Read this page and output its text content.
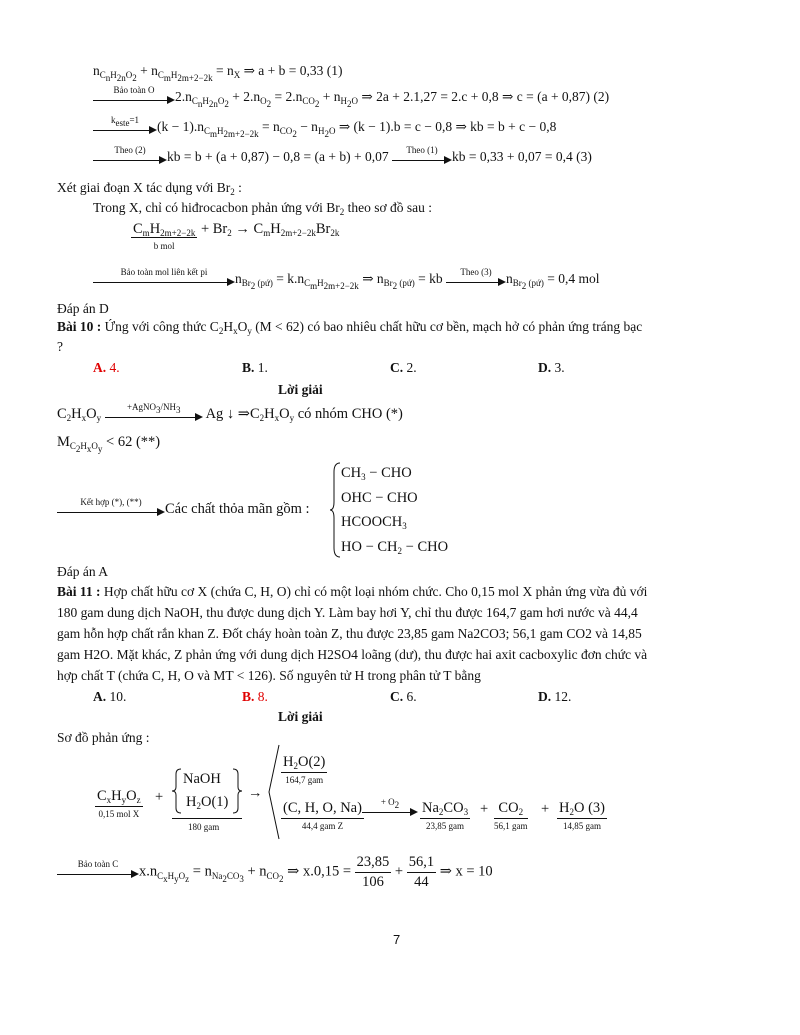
$n_{C_nH_{2n}O_2} + n_{C_mH_{2m+2-2k}} = n_X$ ⇒ a + b = 0,33 (1)
Bảo toàn O	$2.n_{C_nH_{2n}O_2} + 2.n_{O_2} = 2.n_{CO_2} + n_{H_2O}$ ⇒ 2a + 2.1,27 = 2.c + 0,8 ⇒ c = (a + 0,87) (2)
$k_{este}=1$	$(k - 1).n_{C_mH_{2m+2-2k}} = n_{CO_2} - n_{H_2O}$ ⇒ (k − 1).b = c − 0,8 ⇒ kb = b + c − 0,8
Theo (2)	kb = b + (a + 0,87) − 0,8 = (a + b) + 0,07	Theo (1)	kb = 0,33 + 0,07 = 0,4 (3)
Xét giai đoạn X tác dụng với $Br_2$ :
Trong X, chỉ có hiđrocacbon phản ứng với $Br_2$ theo sơ đồ sau :
$C_mH_{2m+2-2k}$
b mol
+ $Br_2 \to C_mH_{2m+2-2k}Br_{2k}$
Bảo toàn mol liên kết pi	$n_{Br_2 (pứ)} = k.n_{C_mH_{2m+2-2k}}$ ⇒ $n_{Br_2 (pứ)}$ = kb	Theo (3)	$n_{Br_2 (pứ)} = 0,4$ mol
Đáp án D
Bài 10 : Ứng với công thức $C_2H_xO_y$ (M < 62) có bao nhiêu chất hữu cơ bền, mạch hở có phản ứng tráng bạc
?
A. 4.	B. 1.	C. 2.	D. 3.
Lời giải
$C_2H_xO_y$
$+AgNO_3/NH_3$	Ag ↓ $\Rightarrow C_2H_xO_y$ có nhóm CHO (*)
$M_{C_2H_xO_y} < 62$ (**)
Kết hợp (*), (**)	Các chất thỏa mãn gồm :
$CH_3$ − CHO
OHC − CHO
$HCOOCH_3$
HO − $CH_2$ − CHO
Đáp án A
Bài 11 : Hợp chất hữu cơ X (chứa C, H, O) chỉ có một loại nhóm chức. Cho 0,15 mol X phản ứng vừa đủ với
180 gam dung dịch NaOH, thu được dung dịch Y. Làm bay hơi Y, chỉ thu được 164,7 gam hơi nước và 44,4
gam hỗn hợp chất rắn khan Z. Đốt cháy hoàn toàn Z, thu được 23,85 gam Na2CO3; 56,1 gam CO2 và 14,85
gam H2O. Mặt khác, Z phản ứng với dung dịch H2SO4 loãng (dư), thu được hai axit cacboxylic đơn chức và
hợp chất T (chứa C, H, O và MT < 126). Số nguyên tử H trong phân tử T bằng
A. 10.	B. 8.	C. 6.	D. 12.
Lời giải
Sơ đồ phản ứng :
$C_xH_yO_z$
0,15 mol X
+
NaOH
$H_2O(1)$
180 gam
→
$H_2O(2)$
164,7 gam
(C, H, O, Na)
44,4 gam Z
+ $O_2$	$Na_2CO_3$
23,85 gam
+ $CO_2$
56,1 gam
+ $H_2O$ (3)
14,85 gam
Bảo toàn C	$x.n_{C_xH_yO_z} = n_{Na_2CO_3} + n_{CO_2}$ ⇒ $x.0,15 = \frac{23,85}{106} + \frac{56,1}{44}$ ⇒ x = 10
7
